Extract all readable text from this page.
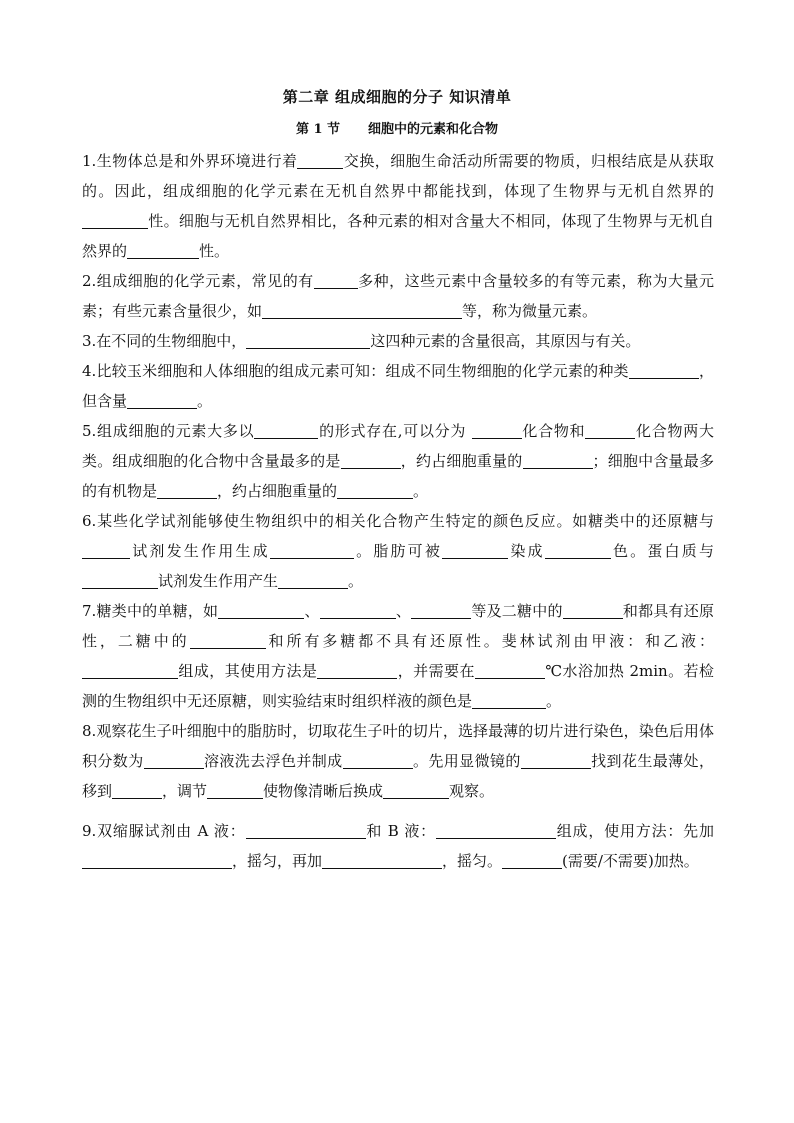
第二章 组成细胞的分子 知识清单
第 1 节 细胞中的元素和化合物

1.生物体总是和外界环境进行着	交换，细胞生命活动所需要的物质，归根结底是从获取的。因此，组成细胞的化学元素在无机自然界中都能找到，体现了生物界与无机自然界的性。细胞与无机自然界相比，各种元素的相对含量大不相同，体现了生物界与无机自然界的	性。

2.组成细胞的化学元素，常见的有	多种，这些元素中含量较多的有等元素，称为大量元素；有些元素含量很少，如	等，称为微量元素。

3.在不同的生物细胞中，	这四种元素的含量很高，其原因与有关。

4.比较玉米细胞和人体细胞的组成元素可知：组成不同生物细胞的化学元素的种类	，但含量	。

5.组成细胞的元素大多以	的形式存在,可以分为	化合物和	化合物两大类。组成细胞的化合物中含量最多的是	，约占细胞重量的	；细胞中含量最多的有机物是	，约占细胞重量的	。

6.某些化学试剂能够使生物组织中的相关化合物产生特定的颜色反应。如糖类中的还原糖与试剂发生作用生成	。脂肪可被	染成	色。蛋白质与试剂发生作用产生	。

7.糖类中的单糖，如	、	、	等及二糖中的	和都具有还原性，二糖中的	和所有多糖都不具有还原性。斐林试剂由甲液：和乙液：组成，其使用方法是	，并需要在	℃水浴加热 2min。若检测的生物组织中无还原糖，则实验结束时组织样液的颜色是	。

8.观察花生子叶细胞中的脂肪时，切取花生子叶的切片，选择最薄的切片进行染色，染色后用体积分数为	溶液洗去浮色并制成	。先用显微镜的	找到花生最薄处，移到	，调节	使物像清晰后换成	观察。

9.双缩脲试剂由 A 液：	和 B 液：	组成，使用方法：先加，摇匀，再加	，摇匀。	(需要/不需要)加热。
